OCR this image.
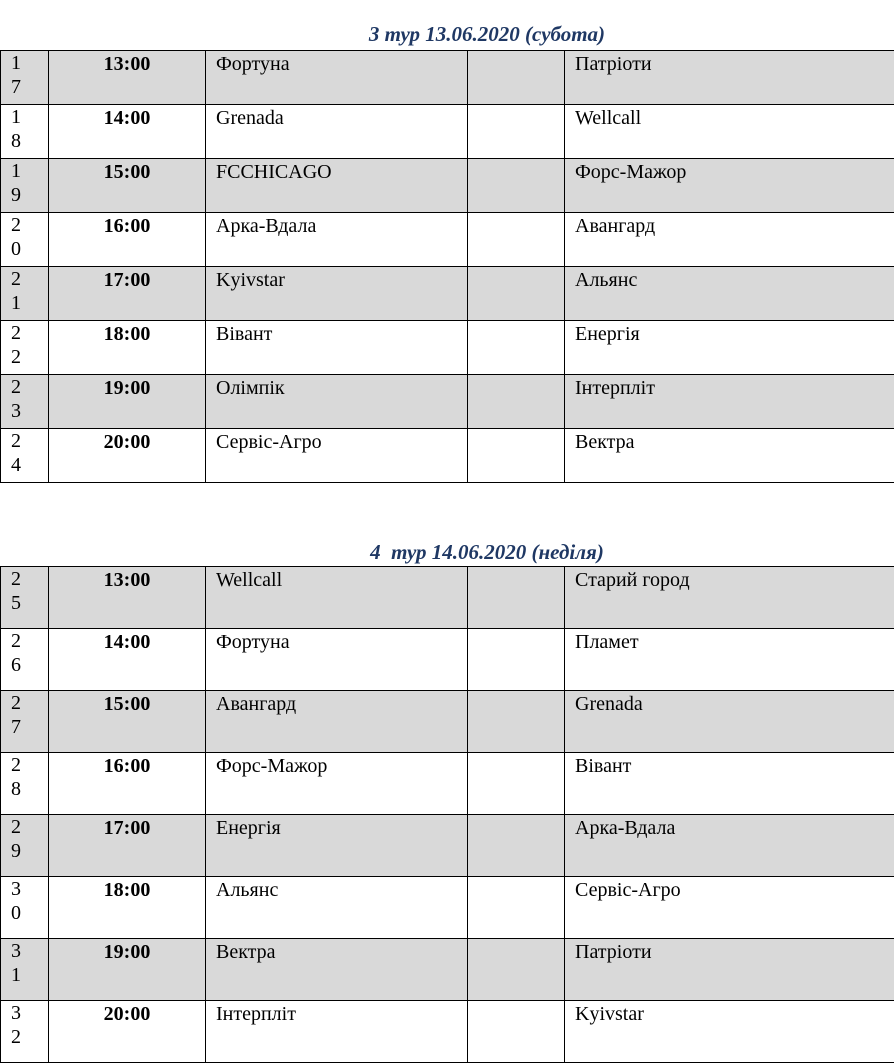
3 тур 13.06.2020 (субота)
1
7	13:00	Фортуна		Патріоти

1
8	14:00	Grenada		Wellcall

1
9	15:00	FCCHICAGO		Форс-Мажор

2
0	16:00	Арка-Вдала		Авангард

2
1	17:00	Kyivstar		Альянс

2
2	18:00	Вівант		Енергія

2
3	19:00	Олімпік		Інтерпліт

2
4	20:00	Сервіс-Агро		Вектра
4  тур 14.06.2020 (неділя)
2
5	13:00	Wellcall		Старий город

2
6	14:00	Фортуна		Пламет

2
7	15:00	Авангард		Grenada

2
8	16:00	Форс-Мажор		Вівант

2
9	17:00	Енергія		Арка-Вдала

3
0	18:00	Альянс		Сервіс-Агро

3
1	19:00	Вектра		Патріоти

3
2	20:00	Інтерпліт		Kyivstar
